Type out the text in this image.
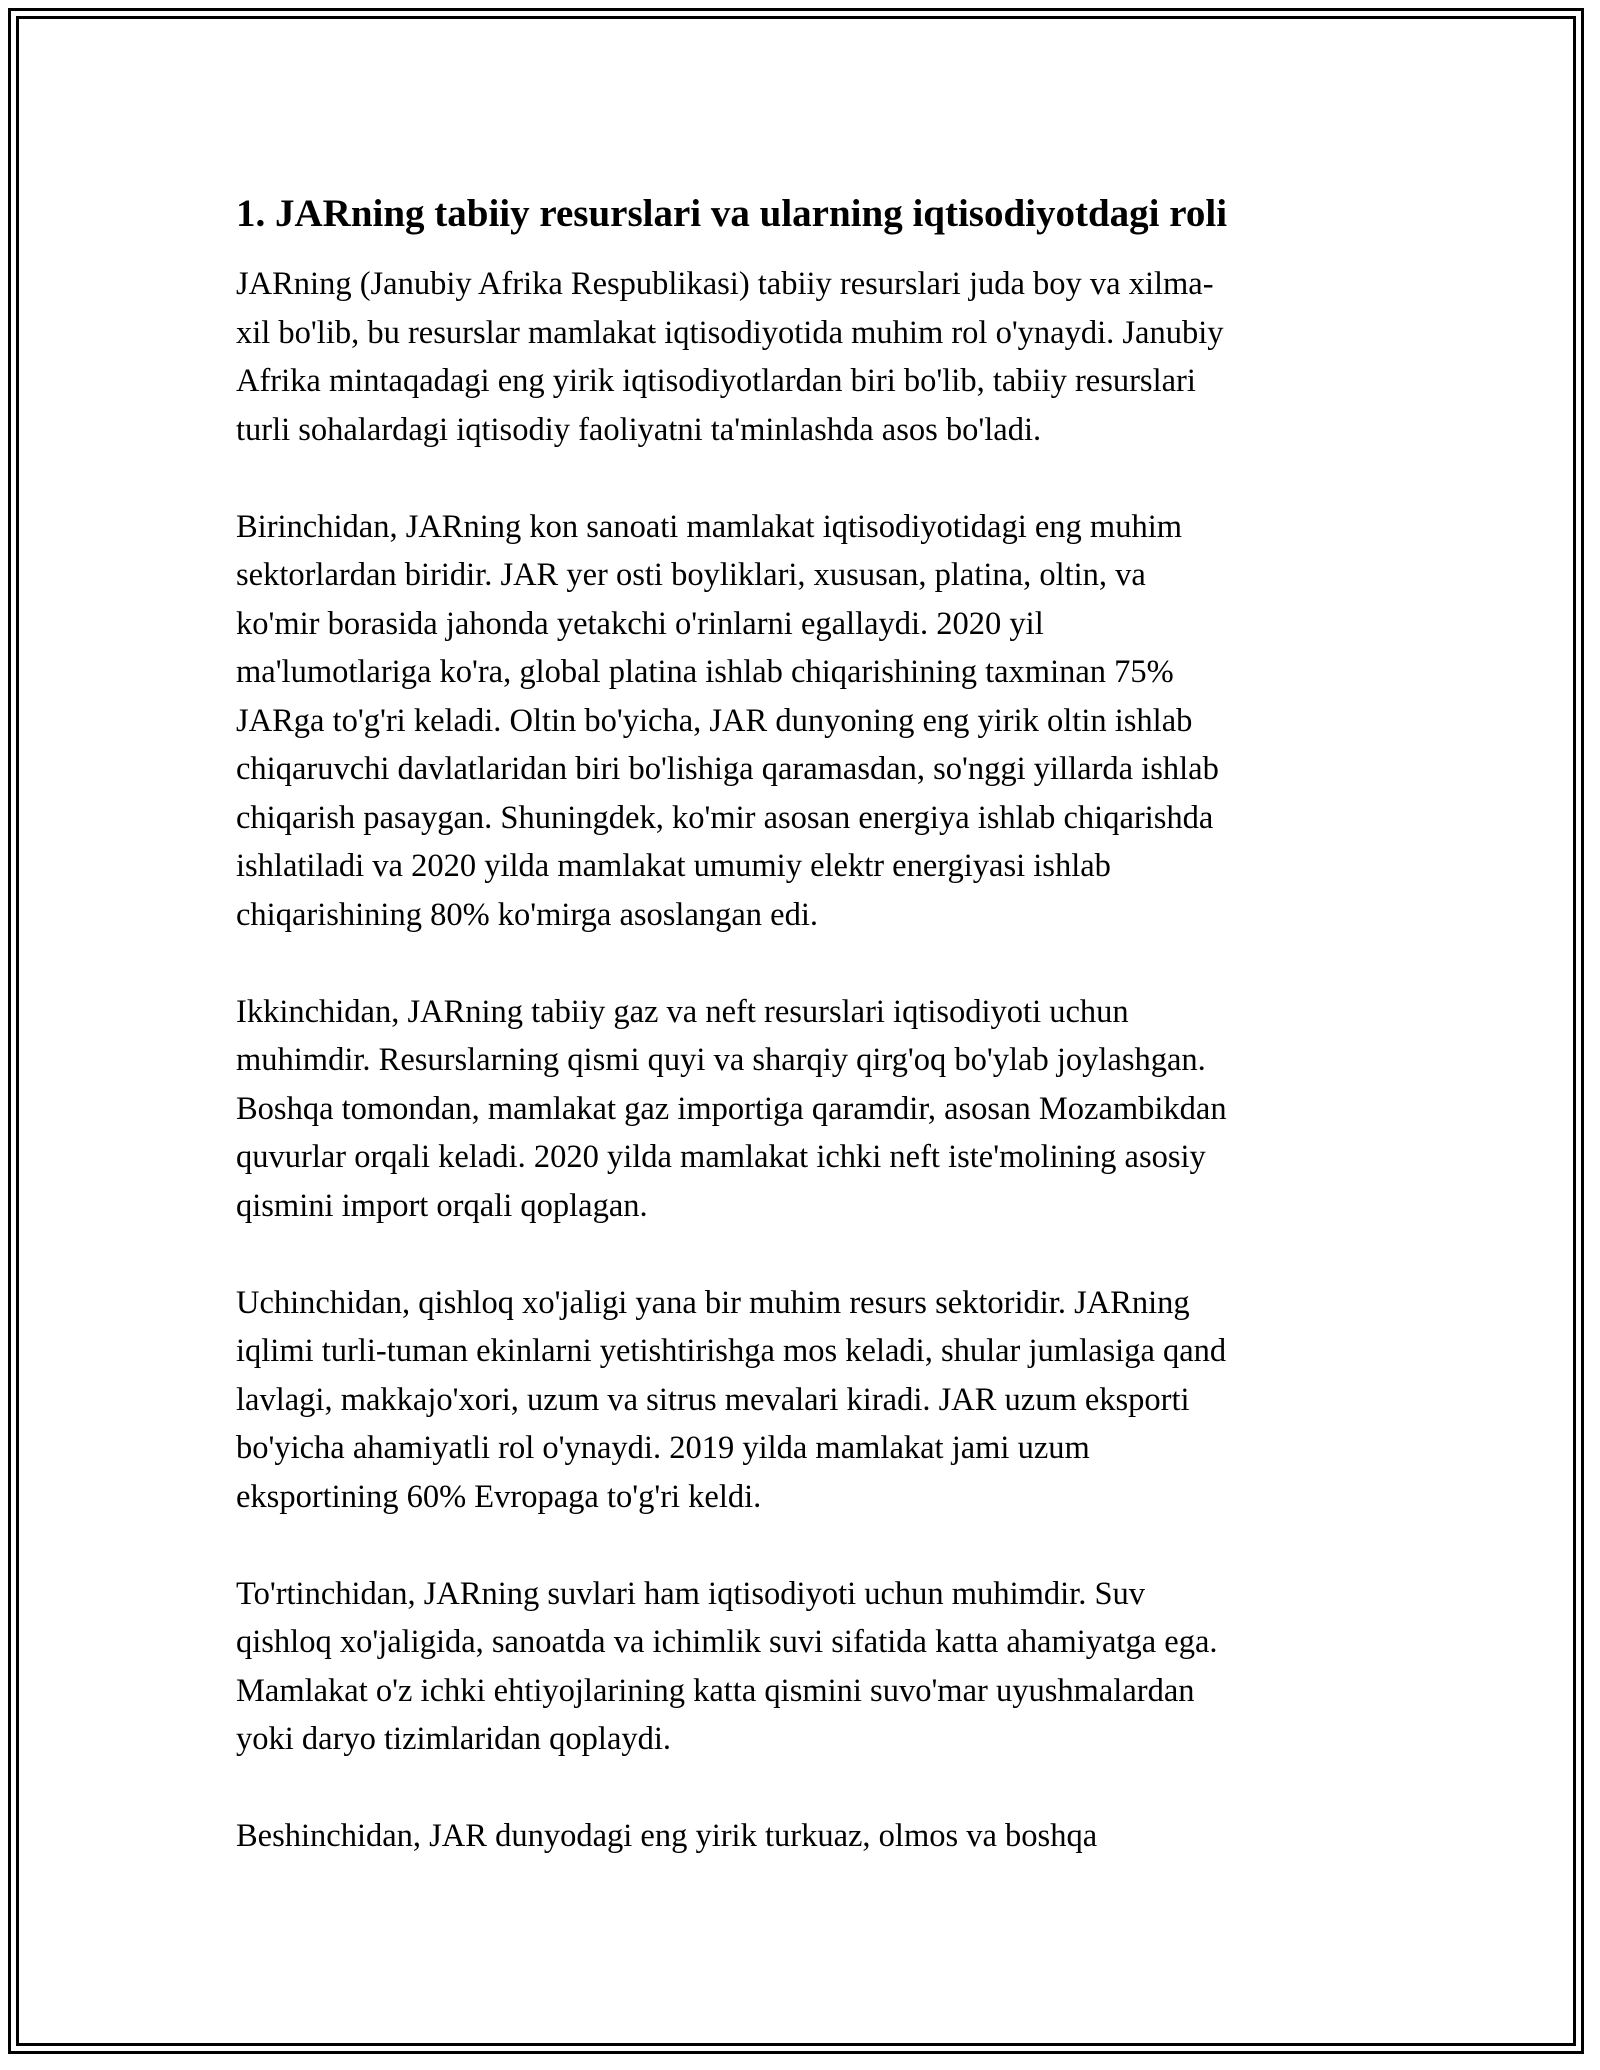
1. JARning tabiiy resurslari va ularning iqtisodiyotdagi roli

JARning (Janubiy Afrika Respublikasi) tabiiy resurslari juda boy va xilma-
xil bo'lib, bu resurslar mamlakat iqtisodiyotida muhim rol o'ynaydi. Janubiy
Afrika mintaqadagi eng yirik iqtisodiyotlardan biri bo'lib, tabiiy resurslari
turli sohalardagi iqtisodiy faoliyatni ta'minlashda asos bo'ladi.

Birinchidan, JARning kon sanoati mamlakat iqtisodiyotidagi eng muhim
sektorlardan biridir. JAR yer osti boyliklari, xususan, platina, oltin, va
ko'mir borasida jahonda yetakchi o'rinlarni egallaydi. 2020 yil
ma'lumotlariga ko'ra, global platina ishlab chiqarishining taxminan 75%
JARga to'g'ri keladi. Oltin bo'yicha, JAR dunyoning eng yirik oltin ishlab
chiqaruvchi davlatlaridan biri bo'lishiga qaramasdan, so'nggi yillarda ishlab
chiqarish pasaygan. Shuningdek, ko'mir asosan energiya ishlab chiqarishda
ishlatiladi va 2020 yilda mamlakat umumiy elektr energiyasi ishlab
chiqarishining 80% ko'mirga asoslangan edi.

Ikkinchidan, JARning tabiiy gaz va neft resurslari iqtisodiyoti uchun
muhimdir. Resurslarning qismi quyi va sharqiy qirg'oq bo'ylab joylashgan.
Boshqa tomondan, mamlakat gaz importiga qaramdir, asosan Mozambikdan
quvurlar orqali keladi. 2020 yilda mamlakat ichki neft iste'molining asosiy
qismini import orqali qoplagan.

Uchinchidan, qishloq xo'jaligi yana bir muhim resurs sektoridir. JARning
iqlimi turli-tuman ekinlarni yetishtirishga mos keladi, shular jumlasiga qand
lavlagi, makkajo'xori, uzum va sitrus mevalari kiradi. JAR uzum eksporti
bo'yicha ahamiyatli rol o'ynaydi. 2019 yilda mamlakat jami uzum
eksportining 60% Evropaga to'g'ri keldi.

To'rtinchidan, JARning suvlari ham iqtisodiyoti uchun muhimdir. Suv
qishloq xo'jaligida, sanoatda va ichimlik suvi sifatida katta ahamiyatga ega.
Mamlakat o'z ichki ehtiyojlarining katta qismini suvo'mar uyushmalardan
yoki daryo tizimlaridan qoplaydi.

Beshinchidan, JAR dunyodagi eng yirik turkuaz, olmos va boshqa
